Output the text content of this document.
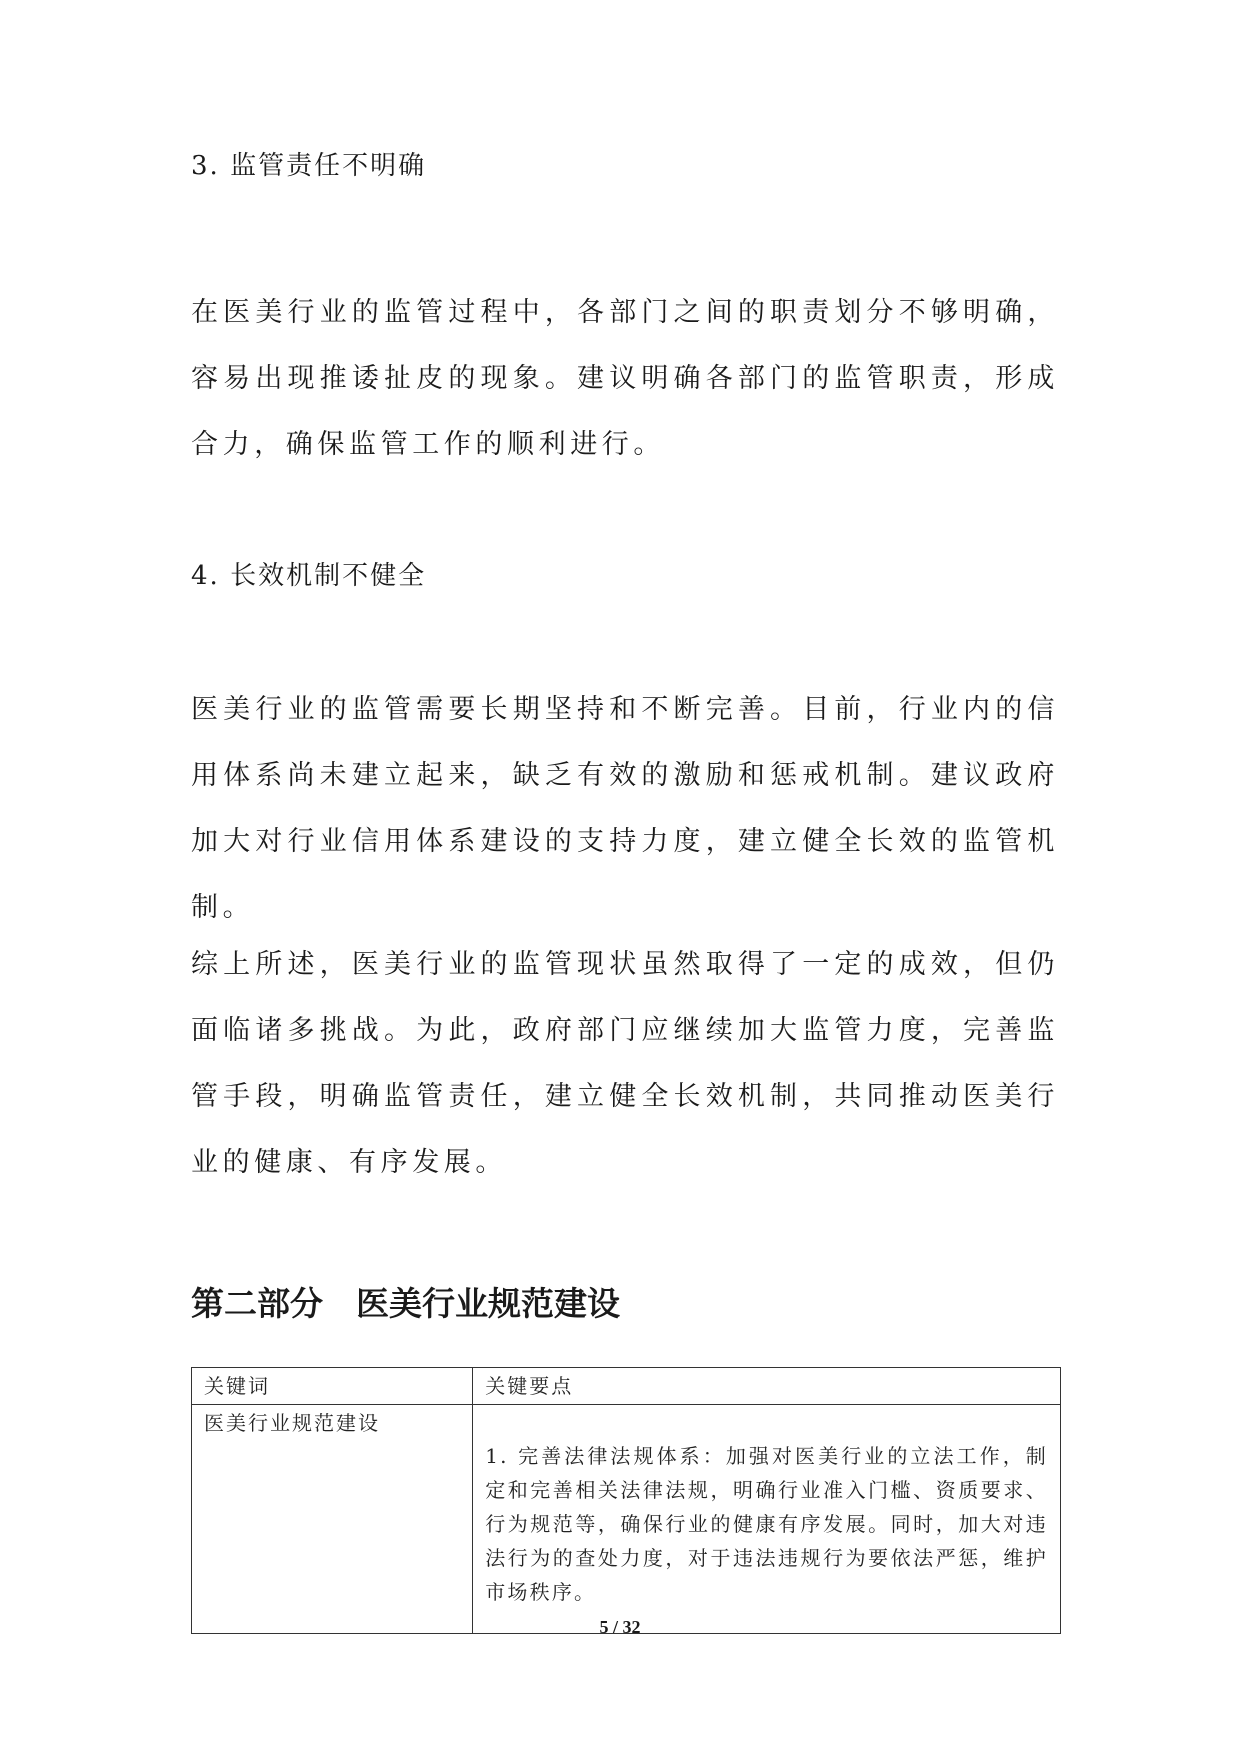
3. 监管责任不明确
在医美行业的监管过程中，各部门之间的职责划分不够明确，容易出现推诿扯皮的现象。建议明确各部门的监管职责，形成合力，确保监管工作的顺利进行。
4. 长效机制不健全
医美行业的监管需要长期坚持和不断完善。目前，行业内的信用体系尚未建立起来，缺乏有效的激励和惩戒机制。建议政府加大对行业信用体系建设的支持力度，建立健全长效的监管机制。
综上所述，医美行业的监管现状虽然取得了一定的成效，但仍面临诸多挑战。为此，政府部门应继续加大监管力度，完善监管手段，明确监管责任，建立健全长效机制，共同推动医美行业的健康、有序发展。
第二部分　医美行业规范建设
关键词	关键要点
医美行业规范建设	1. 完善法律法规体系：加强对医美行业的立法工作，制定和完善相关法律法规，明确行业准入门槛、资质要求、行为规范等，确保行业的健康有序发展。同时，加大对违法行为的查处力度，对于违法违规行为要依法严惩，维护市场秩序。
5 / 32
